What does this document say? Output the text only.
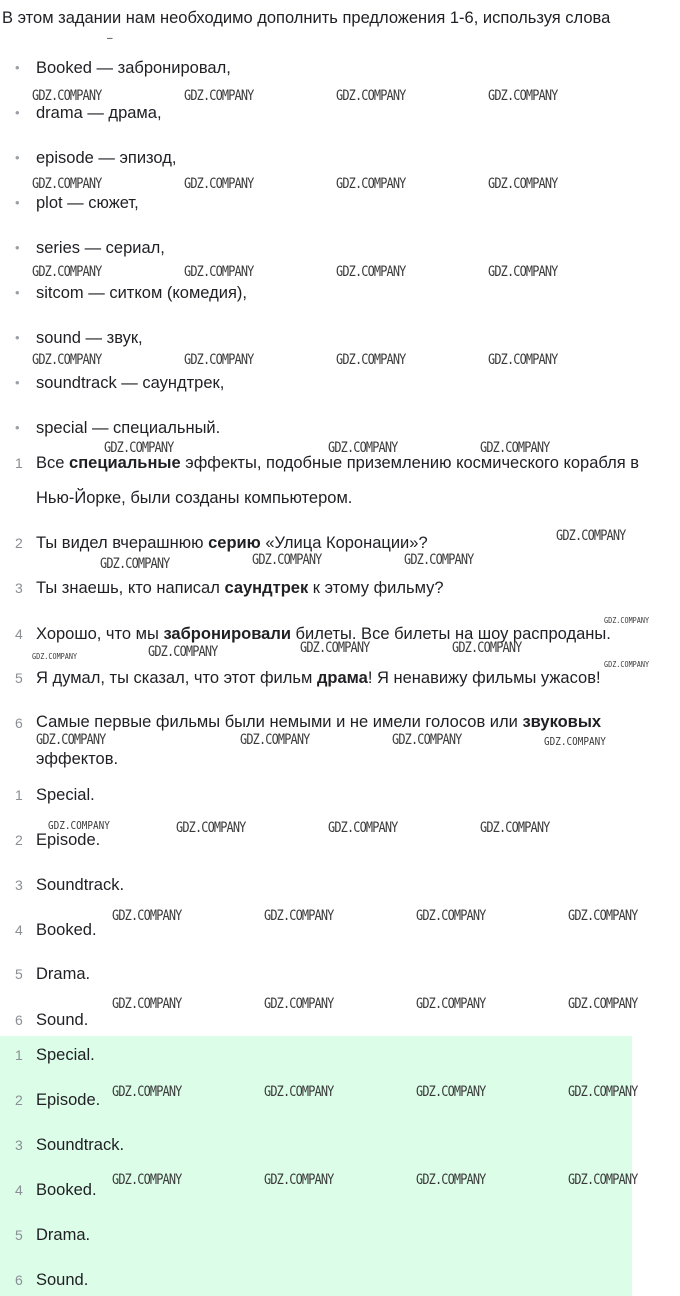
В этом задании нам необходимо дополнить предложения 1-6, используя слова
–
• Booked — забронировал,
• drama — драма,
• episode — эпизод,
• plot — сюжет,
• series — сериал,
• sitcom — ситком (комедия),
• sound — звук,
• soundtrack — саундтрек,
• special — специальный.
1 Все специальные эффекты, подобные приземлению космического корабля в Нью-Йорке, были созданы компьютером.
2 Ты видел вчерашнюю серию «Улица Коронации»?
3 Ты знаешь, кто написал саундтрек к этому фильму?
4 Хорошо, что мы забронировали билеты. Все билеты на шоу распроданы.
5 Я думал, ты сказал, что этот фильм драма! Я ненавижу фильмы ужасов!
6 Самые первые фильмы были немыми и не имели голосов или звуковых эффектов.
1 Special.
2 Episode.
3 Soundtrack.
4 Booked.
5 Drama.
6 Sound.
1 Special.
2 Episode.
3 Soundtrack.
4 Booked.
5 Drama.
6 Sound.
GDZ.COMPANY	GDZ.COMPANY	GDZ.COMPANY	GDZ.COMPANY
GDZ.COMPANY	GDZ.COMPANY	GDZ.COMPANY	GDZ.COMPANY
GDZ.COMPANY	GDZ.COMPANY	GDZ.COMPANY	GDZ.COMPANY
GDZ.COMPANY	GDZ.COMPANY	GDZ.COMPANY	GDZ.COMPANY
GDZ.COMPANY	GDZ.COMPANY	GDZ.COMPANY
GDZ.COMPANY
GDZ.COMPANY	GDZ.COMPANY	GDZ.COMPANY
GDZ.COMPANY	GDZ.COMPANY	GDZ.COMPANY
GDZ.COMPANY	GDZ.COMPANY	GDZ.COMPANY
GDZ.COMPANY	GDZ.COMPANY	GDZ.COMPANY
GDZ.COMPANY	GDZ.COMPANY	GDZ.COMPANY	GDZ.COMPANY
GDZ.COMPANY	GDZ.COMPANY	GDZ.COMPANY	GDZ.COMPANY
GDZ.COMPANY	GDZ.COMPANY	GDZ.COMPANY	GDZ.COMPANY
GDZ.COMPANY	GDZ.COMPANY	GDZ.COMPANY	GDZ.COMPANY
GDZ.COMPANY
GDZ.COMPANY
GDZ.COMPANY
GDZ.COMPANY
GDZ.COMPANY
